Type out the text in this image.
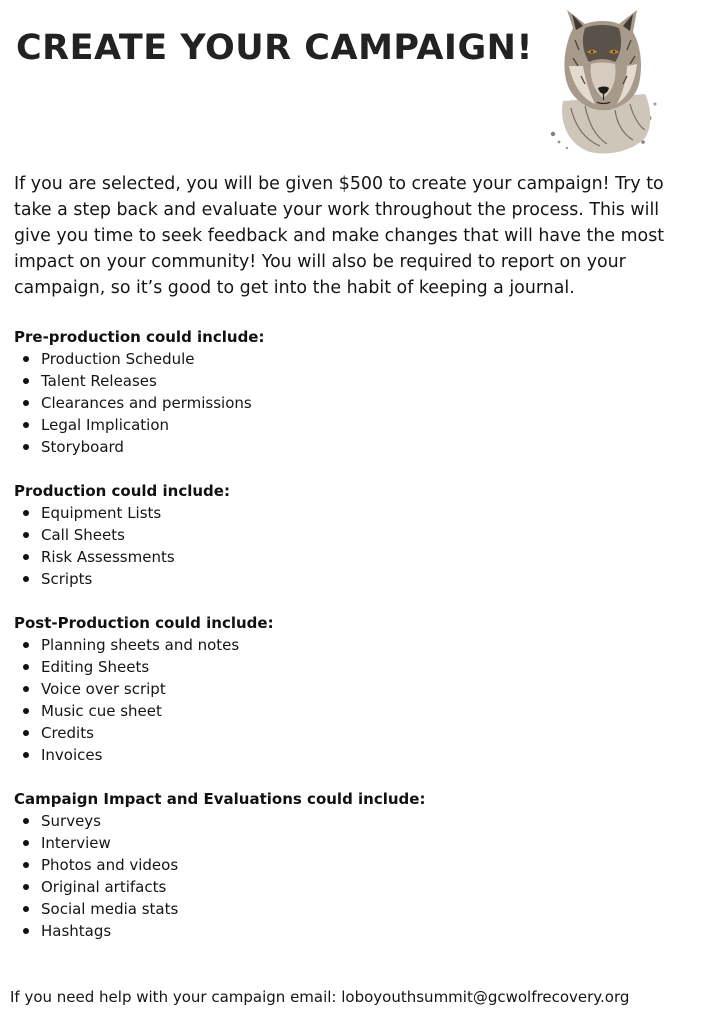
CREATE YOUR CAMPAIGN!

If you are selected, you will be given $500 to create your campaign! Try to take a step back and evaluate your work throughout the process. This will give you time to seek feedback and make changes that will have the most impact on your community! You will also be required to report on your campaign, so it’s good to get into the habit of keeping a journal.

Pre-production could include:

Production Schedule
Talent Releases
Clearances and permissions
Legal Implication
Storyboard

Production could include:

Equipment Lists
Call Sheets
Risk Assessments
Scripts

Post-Production could include:

Planning sheets and notes
Editing Sheets
Voice over script
Music cue sheet
Credits
Invoices

Campaign Impact and Evaluations could include:

Surveys
Interview
Photos and videos
Original artifacts
Social media stats
Hashtags

If you need help with your campaign email: loboyouthsummit@gcwolfrecovery.org
